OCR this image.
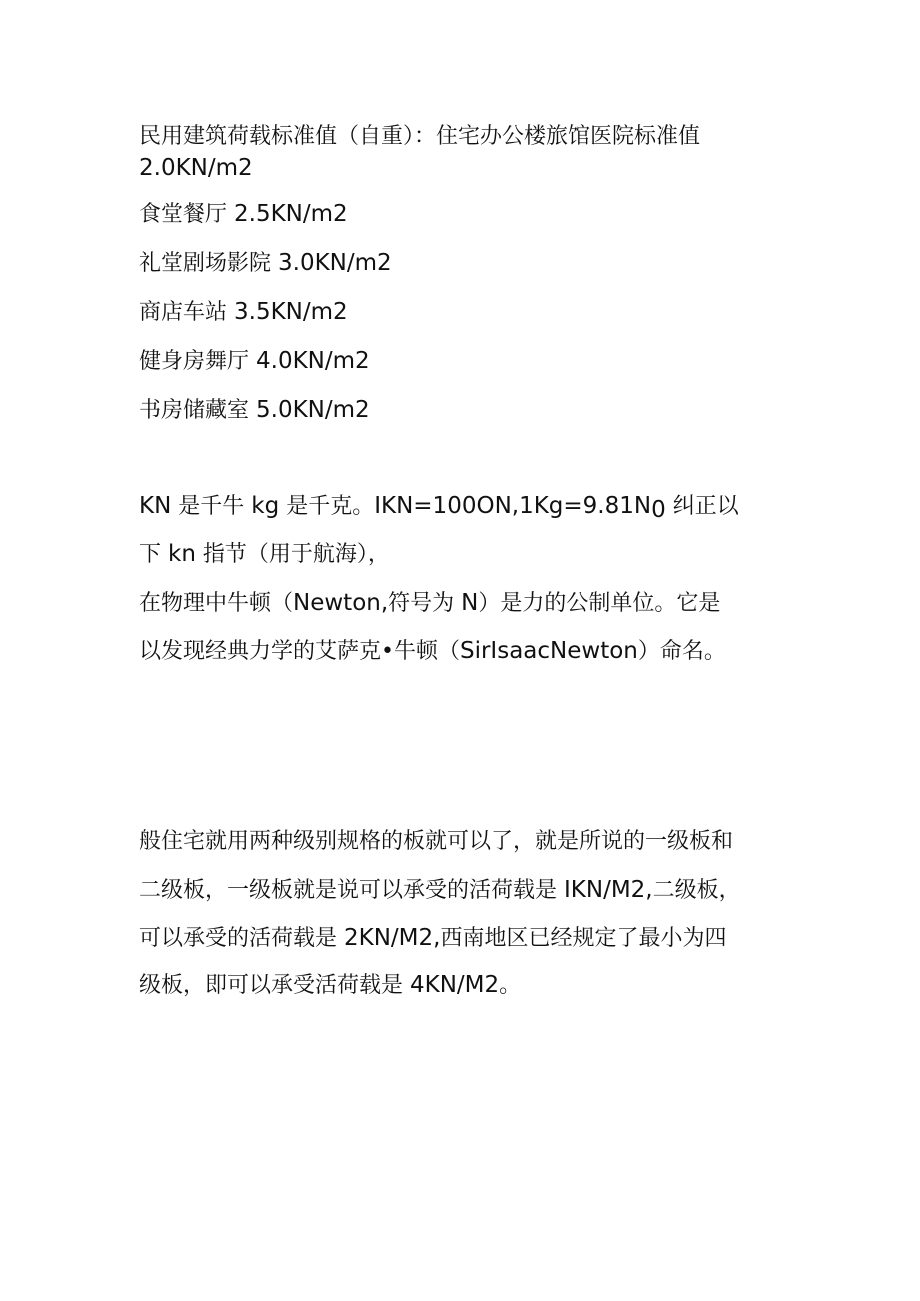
民用建筑荷载标准值（自重）：住宅办公楼旅馆医院标准值
2.0KN/m2
食堂餐厅 2.5KN/m2
礼堂剧场影院 3.0KN/m2
商店车站 3.5KN/m2
健身房舞厅 4.0KN/m2
书房储藏室 5.0KN/m2
KN 是千牛 kg 是千克。$IKN=100ON,1Kg=9.81N_0$ 纠正以
下 kn 指节（用于航海），
在物理中牛顿（Newton,符号为 N）是力的公制单位。它是
以发现经典力学的艾萨克•牛顿（SirIsaacNewton）命名。
般住宅就用两种级别规格的板就可以了，就是所说的一级板和
二级板，一级板就是说可以承受的活荷载是 IKN/M2,二级板，
可以承受的活荷载是 2KN/M2,西南地区已经规定了最小为四
级板，即可以承受活荷载是 4KN/M2。
